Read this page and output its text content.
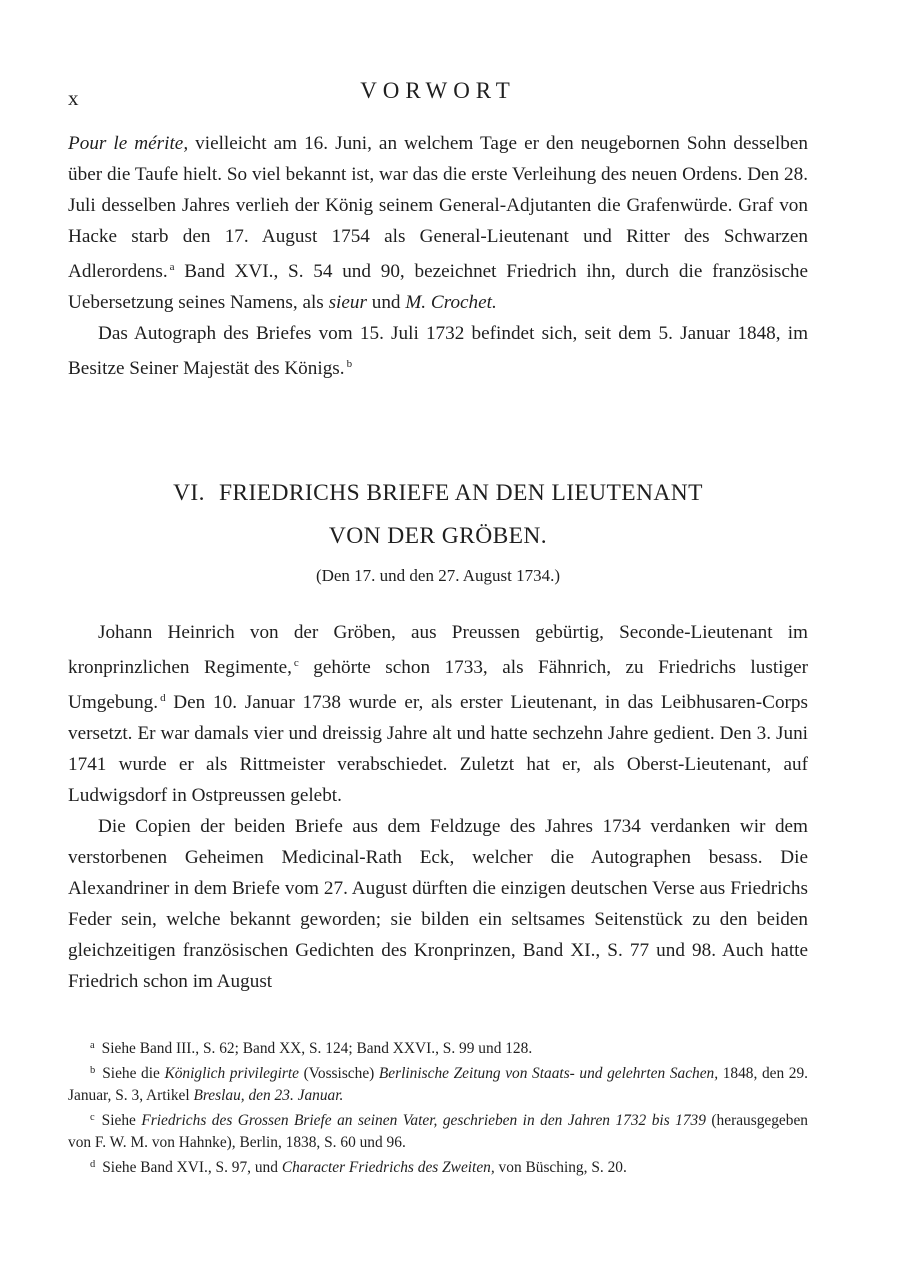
x	VORWORT

Pour le mérite, vielleicht am 16. Juni, an welchem Tage er den neugebornen Sohn desselben über die Taufe hielt. So viel bekannt ist, war das die erste Verleihung des neuen Ordens. Den 28. Juli desselben Jahres verlieh der König seinem General-Adjutanten die Grafenwürde. Graf von Hacke starb den 17. August 1754 als General-Lieutenant und Ritter des Schwarzen Adlerordens. $^a$ Band XVI., S. 54 und 90, bezeichnet Friedrich ihn, durch die französische Uebersetzung seines Namens, als sieur und M. Crochet.

Das Autograph des Briefes vom 15. Juli 1732 befindet sich, seit dem 5. Januar 1848, im Besitze Seiner Majestät des Königs. $^b$

VI. FRIEDRICHS BRIEFE AN DEN LIEUTENANT
VON DER GRÖBEN.
(Den 17. und den 27. August 1734.)

Johann Heinrich von der Gröben, aus Preussen gebürtig, Seconde-Lieutenant im kronprinzlichen Regimente, $^c$ gehörte schon 1733, als Fähnrich, zu Friedrichs lustiger Umgebung. $^d$ Den 10. Januar 1738 wurde er, als erster Lieutenant, in das Leibhusaren-Corps versetzt. Er war damals vier und dreissig Jahre alt und hatte sechzehn Jahre gedient. Den 3. Juni 1741 wurde er als Rittmeister verabschiedet. Zuletzt hat er, als Oberst-Lieutenant, auf Ludwigsdorf in Ostpreussen gelebt.

Die Copien der beiden Briefe aus dem Feldzuge des Jahres 1734 verdanken wir dem verstorbenen Geheimen Medicinal-Rath Eck, welcher die Autographen besass. Die Alexandriner in dem Briefe vom 27. August dürften die einzigen deutschen Verse aus Friedrichs Feder sein, welche bekannt geworden; sie bilden ein seltsames Seitenstück zu den beiden gleichzeitigen französischen Gedichten des Kronprinzen, Band XI., S. 77 und 98. Auch hatte Friedrich schon im August

$^a$ Siehe Band III., S. 62; Band XX, S. 124; Band XXVI., S. 99 und 128.

$^b$ Siehe die Königlich privilegirte (Vossische) Berlinische Zeitung von Staats- und gelehrten Sachen, 1848, den 29. Januar, S. 3, Artikel Breslau, den 23. Januar.

$^c$ Siehe Friedrichs des Grossen Briefe an seinen Vater, geschrieben in den Jahren 1732 bis 1739 (herausgegeben von F. W. M. von Hahnke), Berlin, 1838, S. 60 und 96.

$^d$ Siehe Band XVI., S. 97, und Character Friedrichs des Zweiten, von Büsching, S. 20.
